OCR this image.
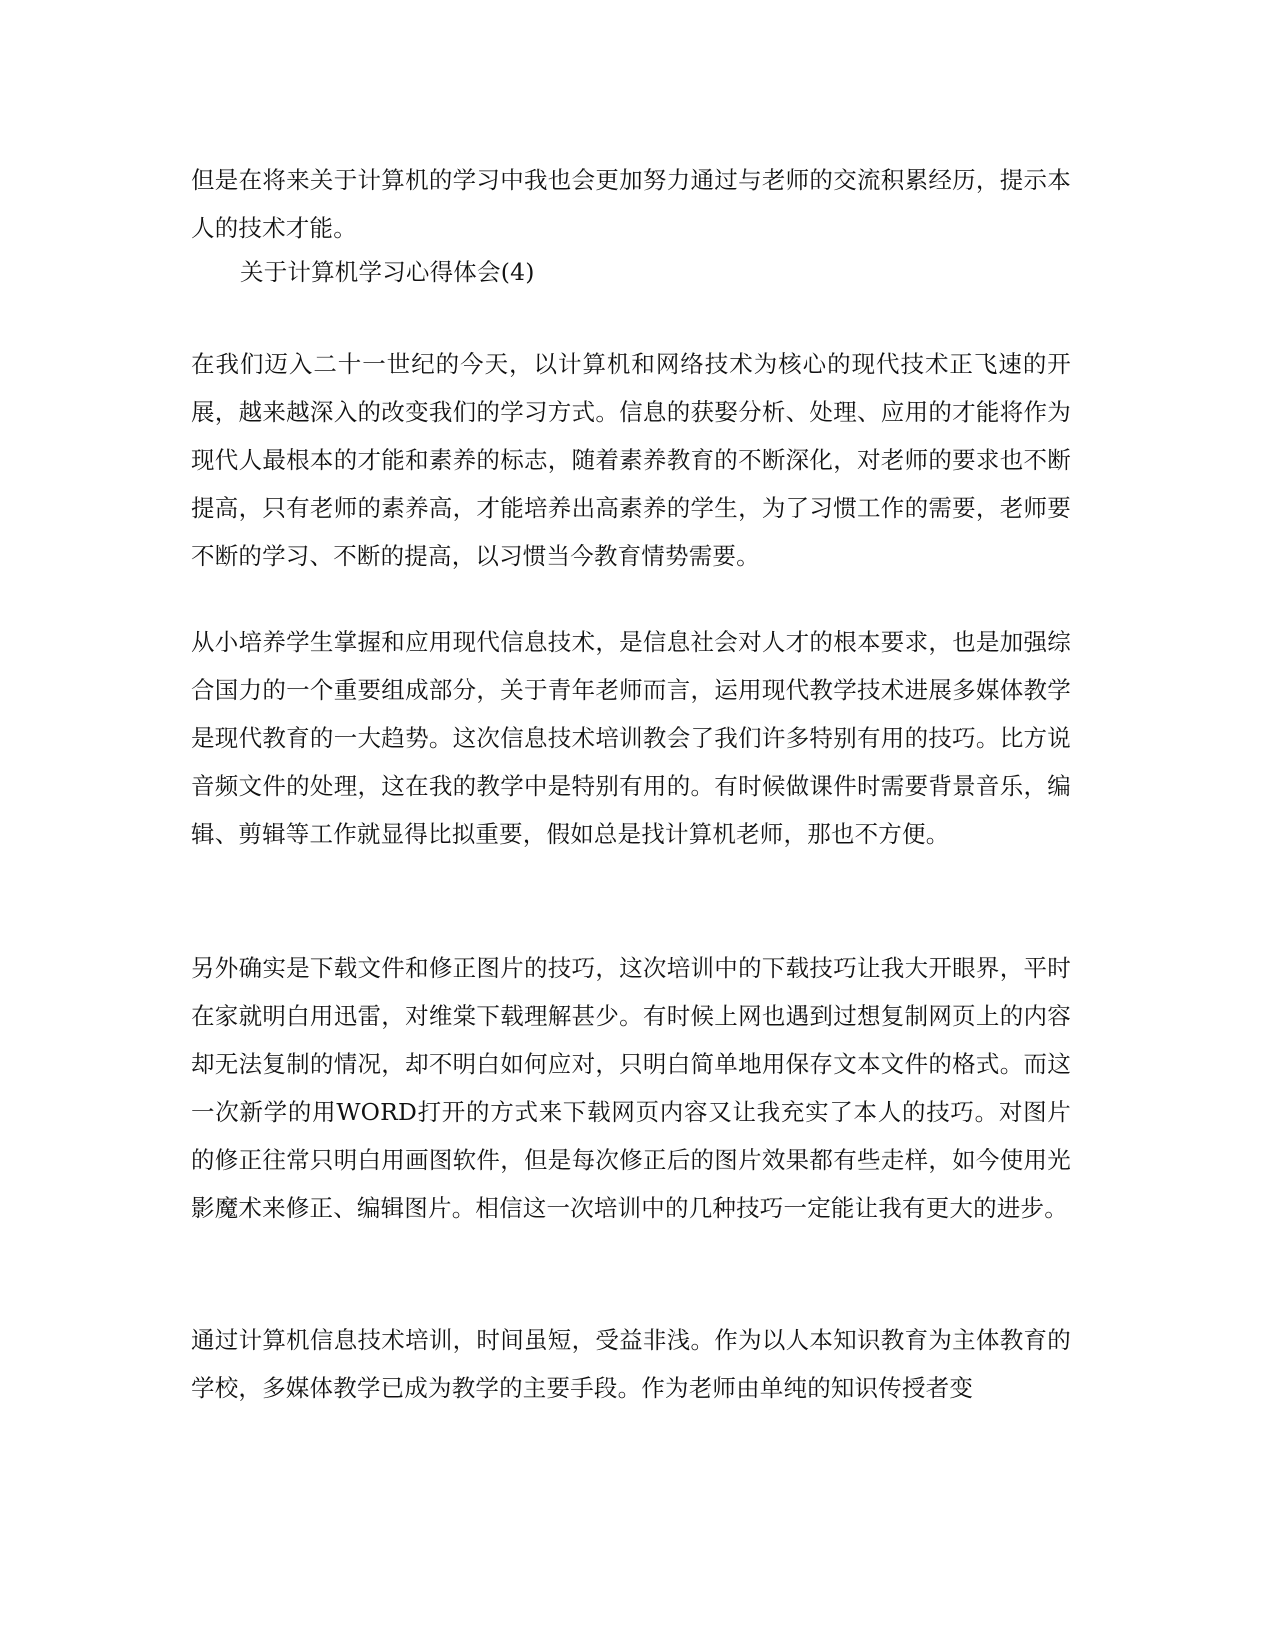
但是在将来关于计算机的学习中我也会更加努力通过与老师的交流积累经历，提示本人的技术才能。

关于计算机学习心得体会(4)

在我们迈入二十一世纪的今天，以计算机和网络技术为核心的现代技术正飞速的开展，越来越深入的改变我们的学习方式。信息的获娶分析、处理、应用的才能将作为现代人最根本的才能和素养的标志，随着素养教育的不断深化，对老师的要求也不断提高，只有老师的素养高，才能培养出高素养的学生，为了习惯工作的需要，老师要不断的学习、不断的提高，以习惯当今教育情势需要。

从小培养学生掌握和应用现代信息技术，是信息社会对人才的根本要求，也是加强综合国力的一个重要组成部分，关于青年老师而言，运用现代教学技术进展多媒体教学是现代教育的一大趋势。这次信息技术培训教会了我们许多特别有用的技巧。比方说音频文件的处理，这在我的教学中是特别有用的。有时候做课件时需要背景音乐，编辑、剪辑等工作就显得比拟重要，假如总是找计算机老师，那也不方便。

另外确实是下载文件和修正图片的技巧，这次培训中的下载技巧让我大开眼界，平时在家就明白用迅雷，对维棠下载理解甚少。有时候上网也遇到过想复制网页上的内容却无法复制的情况，却不明白如何应对，只明白简单地用保存文本文件的格式。而这一次新学的用WORD打开的方式来下载网页内容又让我充实了本人的技巧。对图片的修正往常只明白用画图软件，但是每次修正后的图片效果都有些走样，如今使用光影魔术来修正、编辑图片。相信这一次培训中的几种技巧一定能让我有更大的进步。

通过计算机信息技术培训，时间虽短，受益非浅。作为以人本知识教育为主体教育的学校，多媒体教学已成为教学的主要手段。作为老师由单纯的知识传授者变
